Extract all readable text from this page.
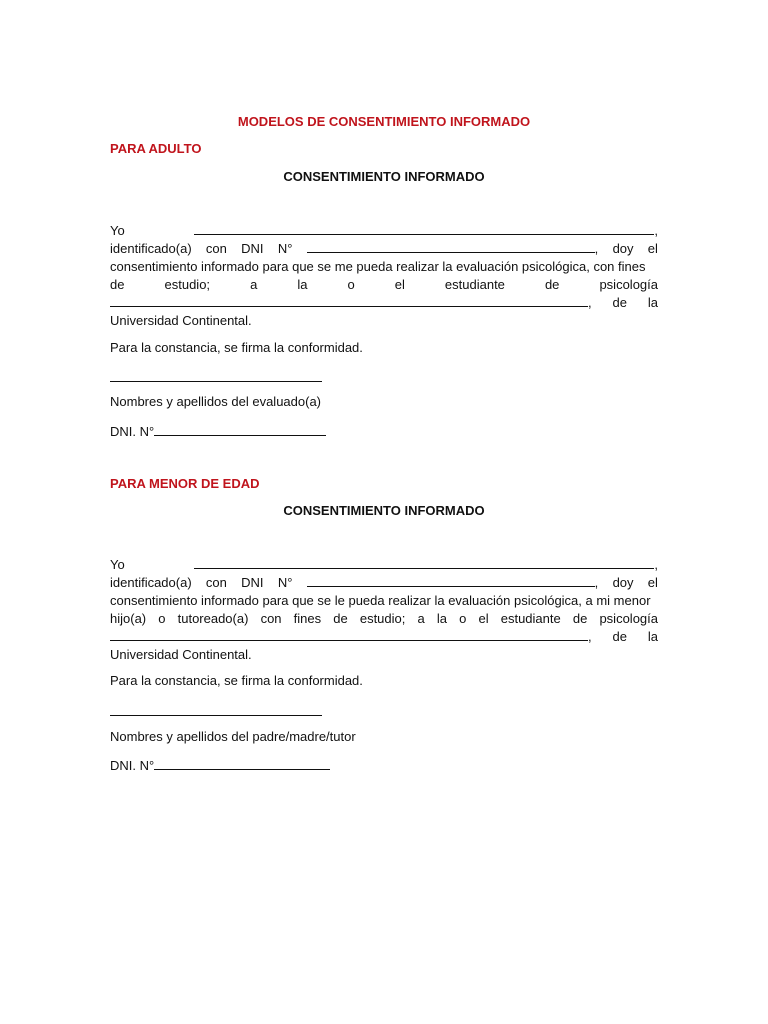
MODELOS DE CONSENTIMIENTO INFORMADO
PARA ADULTO
CONSENTIMIENTO INFORMADO
Yo	,
identificado(a) con DNI N°	, doy el
consentimiento informado para que se me pueda realizar la evaluación psicológica, con fines
de	estudio;	a	la	o	el	estudiante	de	psicología
, de la
Universidad Continental.
Para la constancia, se firma la conformidad.
Nombres y apellidos del evaluado(a)
DNI. N°
PARA MENOR DE EDAD
CONSENTIMIENTO INFORMADO
Yo	,
identificado(a) con DNI N°	, doy el
consentimiento informado para que se le pueda realizar la evaluación psicológica, a mi menor
hijo(a) o tutoreado(a) con fines de estudio; a la o el estudiante de psicología
, de la
Universidad Continental.
Para la constancia, se firma la conformidad.
Nombres y apellidos del padre/madre/tutor
DNI. N°
